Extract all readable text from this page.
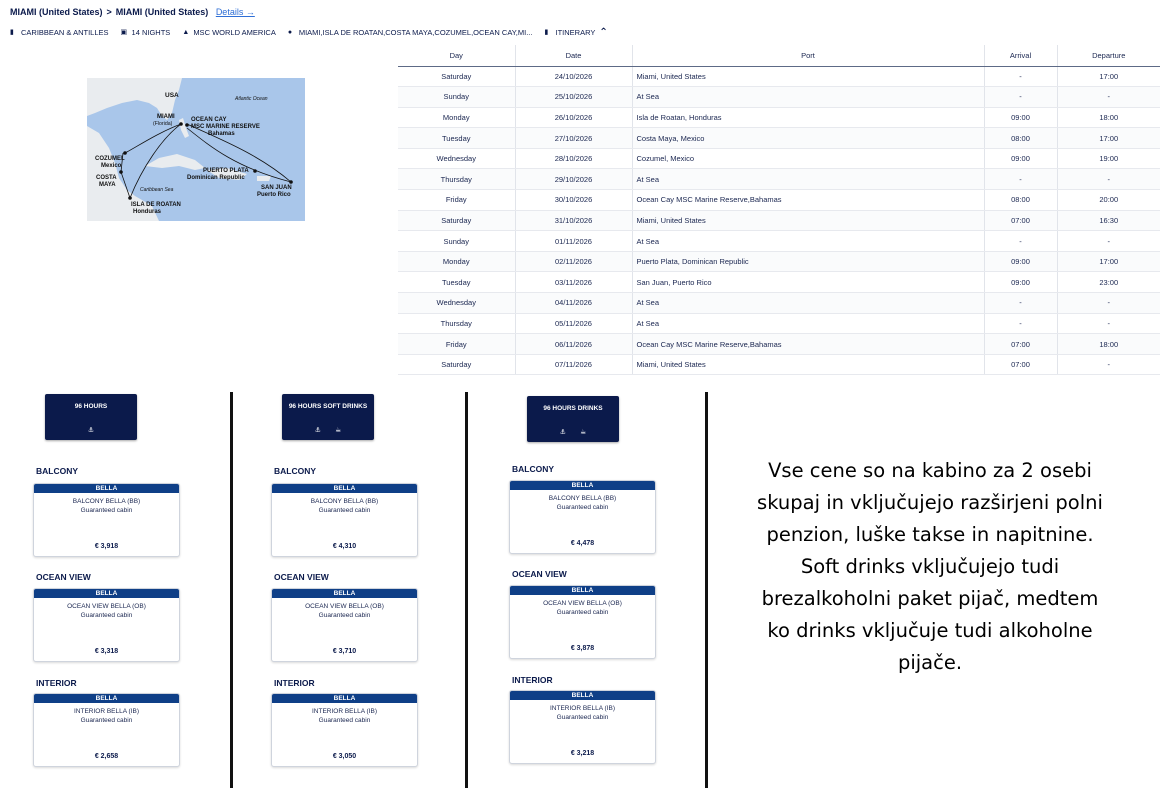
MIAMI (United States) > MIAMI (United States) Details →
▮ CARIBBEAN & ANTILLES ▣ 14 NIGHTS ▲ MSC WORLD AMERICA ● MIAMI,ISLA DE ROATAN,COSTA MAYA,COZUMEL,OCEAN CAY,MI... ▮ ITINERARY ⌃
USA	Atlantic Ocean
Caribbean Sea
MIAMI
(Florida)
OCEAN CAY
MSC MARINE RESERVE
Bahamas
COZUMEL
Mexico
COSTA
MAYA
PUERTO PLATA
Dominican Republic
SAN JUAN
Puerto Rico
ISLA DE ROATAN
Honduras
Day	Date	Port	Arrival	Departure
Saturday	24/10/2026	Miami, United States	-	17:00
Sunday	25/10/2026	At Sea	-	-
Monday	26/10/2026	Isla de Roatan, Honduras	09:00	18:00
Tuesday	27/10/2026	Costa Maya, Mexico	08:00	17:00
Wednesday	28/10/2026	Cozumel, Mexico	09:00	19:00
Thursday	29/10/2026	At Sea	-	-
Friday	30/10/2026	Ocean Cay MSC Marine Reserve,Bahamas	08:00	20:00
Saturday	31/10/2026	Miami, United States	07:00	16:30
Sunday	01/11/2026	At Sea	-	-
Monday	02/11/2026	Puerto Plata, Dominican Republic	09:00	17:00
Tuesday	03/11/2026	San Juan, Puerto Rico	09:00	23:00
Wednesday	04/11/2026	At Sea	-	-
Thursday	05/11/2026	At Sea	-	-
Friday	06/11/2026	Ocean Cay MSC Marine Reserve,Bahamas	07:00	18:00
Saturday	07/11/2026	Miami, United States	07:00	-
96 HOURS
⚓
BALCONY
BELLA
BALCONY BELLA (BB)
Guaranteed cabin
€ 3,918
OCEAN VIEW
BELLA
OCEAN VIEW BELLA (OB)
Guaranteed cabin
€ 3,318
INTERIOR
BELLA
INTERIOR BELLA (IB)
Guaranteed cabin
€ 2,658
96 HOURS SOFT DRINKS
⚓ ☕
BALCONY
BELLA
BALCONY BELLA (BB)
Guaranteed cabin
€ 4,310
OCEAN VIEW
BELLA
OCEAN VIEW BELLA (OB)
Guaranteed cabin
€ 3,710
INTERIOR
BELLA
INTERIOR BELLA (IB)
Guaranteed cabin
€ 3,050
96 HOURS DRINKS
⚓ ☕
BALCONY
BELLA
BALCONY BELLA (BB)
Guaranteed cabin
€ 4,478
OCEAN VIEW
BELLA
OCEAN VIEW BELLA (OB)
Guaranteed cabin
€ 3,878
INTERIOR
BELLA
INTERIOR BELLA (IB)
Guaranteed cabin
€ 3,218
Vse cene so na kabino za 2 osebi skupaj in vključujejo razširjeni polni penzion, luške takse in napitnine. Soft drinks vključujejo tudi brezalkoholni paket pijač, medtem ko drinks vključuje tudi alkoholne pijače.
